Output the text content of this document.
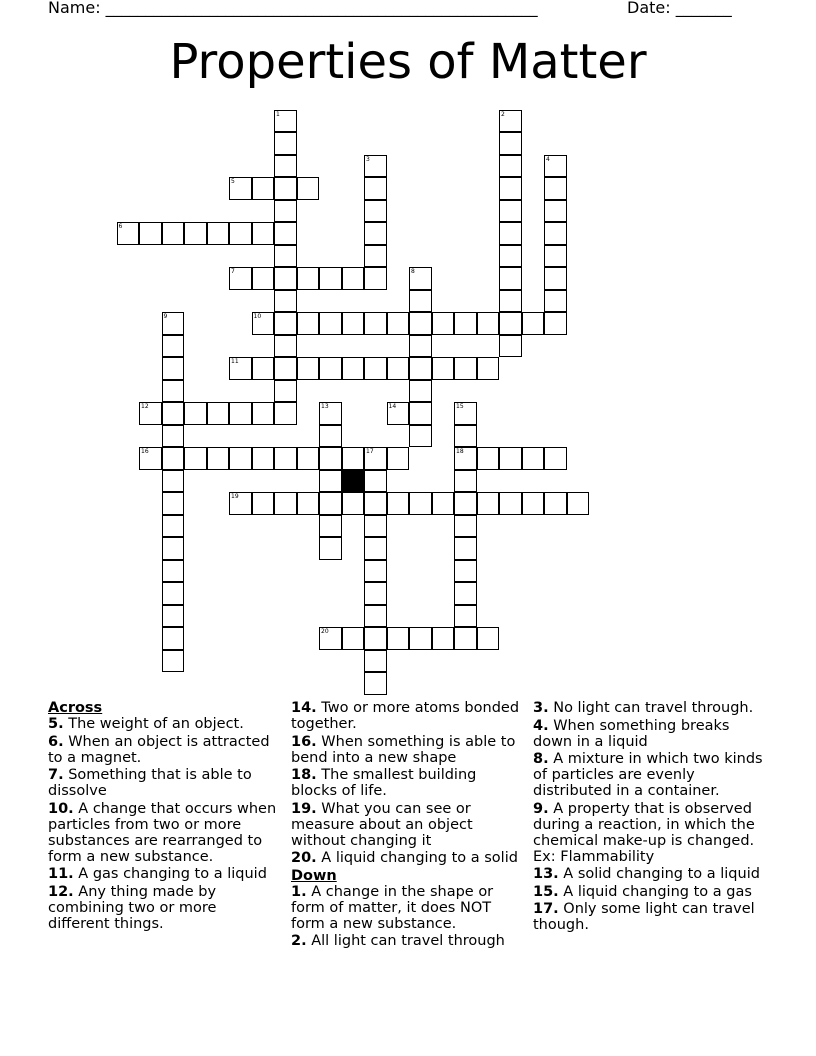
Name: ______________________________________________________	Date: _______
Properties of Matter
1	2
3	4
5
6
7	8
9	10
11
12	13	14	15
18
16	17
19
20
Across
5. The weight of an object.
6. When an object is attracted to a magnet.
7. Something that is able to dissolve
10. A change that occurs when particles from two or more substances are rearranged to form a new substance.
11. A gas changing to a liquid
12. Any thing made by combining two or more different things.
14. Two or more atoms bonded together.
16. When something is able to bend into a new shape
18. The smallest building blocks of life.
19. What you can see or measure about an object without changing it
20. A liquid changing to a solid
Down
1. A change in the shape or form of matter, it does NOT form a new substance.
2. All light can travel through
3. No light can travel through.
4. When something breaks down in a liquid
8. A mixture in which two kinds of particles are evenly distributed in a container.
9. A property that is observed during a reaction, in which the chemical make-up is changed. Ex: Flammability
13. A solid changing to a liquid
15. A liquid changing to a gas
17. Only some light can travel though.
